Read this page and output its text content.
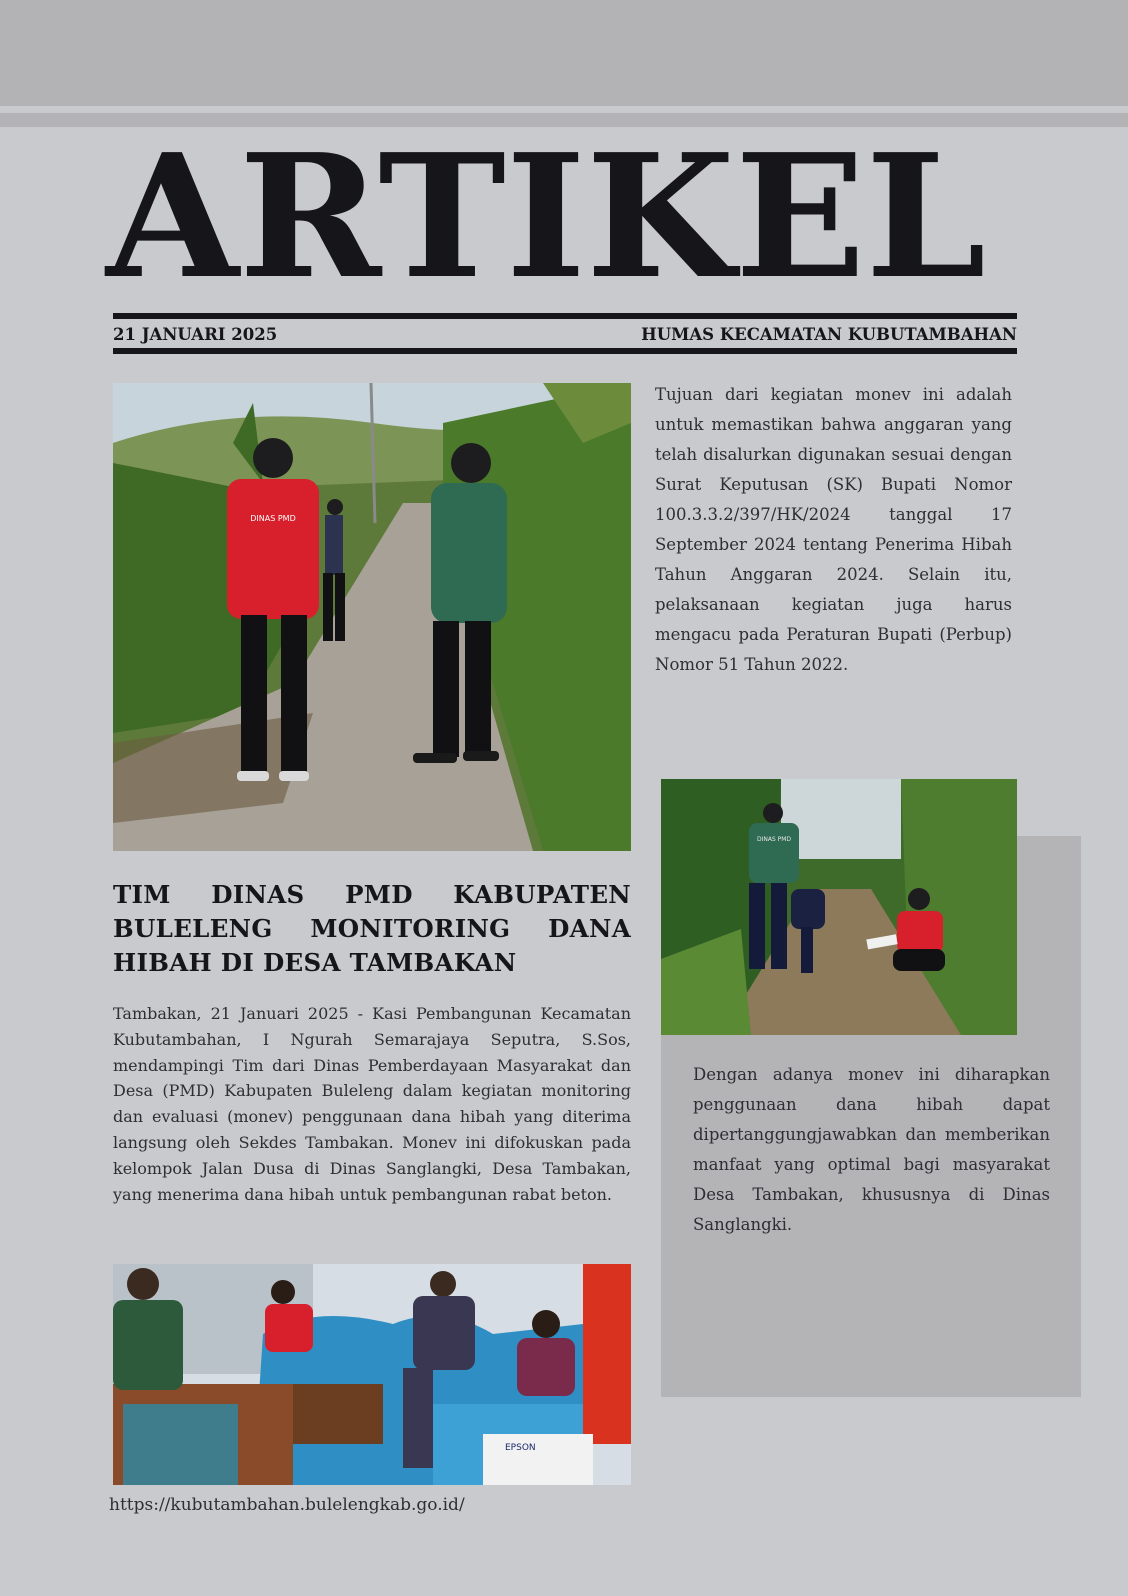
ARTIKEL
21 JANUARI 2025	HUMAS KECAMATAN KUBUTAMBAHAN
DINAS PMD
DINAS PMD
TIM DINAS PMD KABUPATEN BULELENG MONITORING DANA HIBAH DI DESA TAMBAKAN
Tambakan, 21 Januari 2025 - Kasi Pembangunan Kecamatan Kubutambahan, I Ngurah Semarajaya Seputra, S.Sos, mendampingi Tim dari Dinas Pemberdayaan Masyarakat dan Desa (PMD) Kabupaten Buleleng dalam kegiatan monitoring dan evaluasi (monev) penggunaan dana hibah yang diterima langsung oleh Sekdes Tambakan. Monev ini difokuskan pada kelompok Jalan Dusa di Dinas Sanglangki, Desa Tambakan, yang menerima dana hibah untuk pembangunan rabat beton.
Tujuan dari kegiatan monev ini adalah untuk memastikan bahwa anggaran yang telah disalurkan digunakan sesuai dengan Surat Keputusan (SK) Bupati Nomor 100.3.3.2/397/HK/2024 tanggal 17 September 2024 tentang Penerima Hibah Tahun Anggaran 2024. Selain itu, pelaksanaan kegiatan juga harus mengacu pada Peraturan Bupati (Perbup) Nomor 51 Tahun 2022.
Dengan adanya monev ini diharapkan penggunaan dana hibah dapat dipertanggungjawabkan dan memberikan manfaat yang optimal bagi masyarakat Desa Tambakan, khususnya di Dinas Sanglangki.
EPSON
https://kubutambahan.bulelengkab.go.id/
